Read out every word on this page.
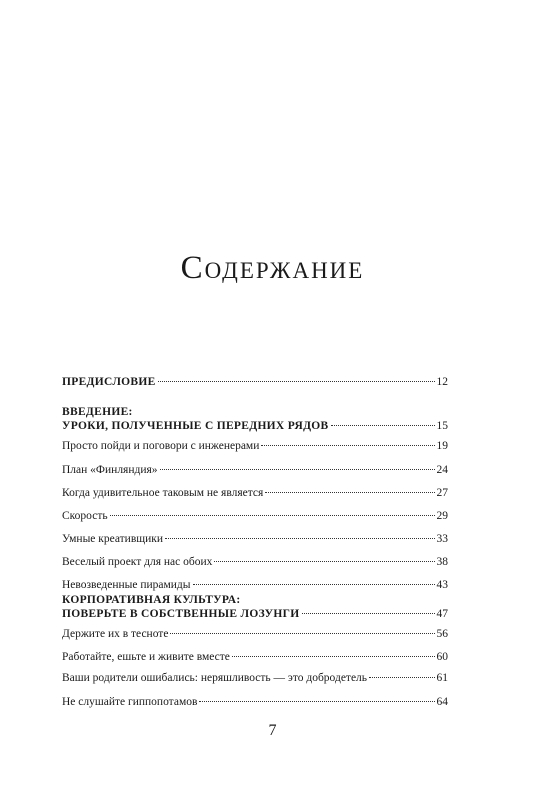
Содержание
ПРЕДИСЛОВИЕ	12
ВВЕДЕНИЕ:
УРОКИ, ПОЛУЧЕННЫЕ С ПЕРЕДНИХ РЯДОВ	15
Просто пойди и поговори с инженерами	19
План «Финляндия»	24
Когда удивительное таковым не является	27
Скорость	29
Умные креативщики	33
Веселый проект для нас обоих	38
Невозведенные пирамиды	43
КОРПОРАТИВНАЯ КУЛЬТУРА:
ПОВЕРЬТЕ В СОБСТВЕННЫЕ ЛОЗУНГИ	47
Держите их в тесноте	56
Работайте, ешьте и живите вместе	60
Ваши родители ошибались: неряшливость — это добродетель	61
Не слушайте гиппопотамов	64
7
